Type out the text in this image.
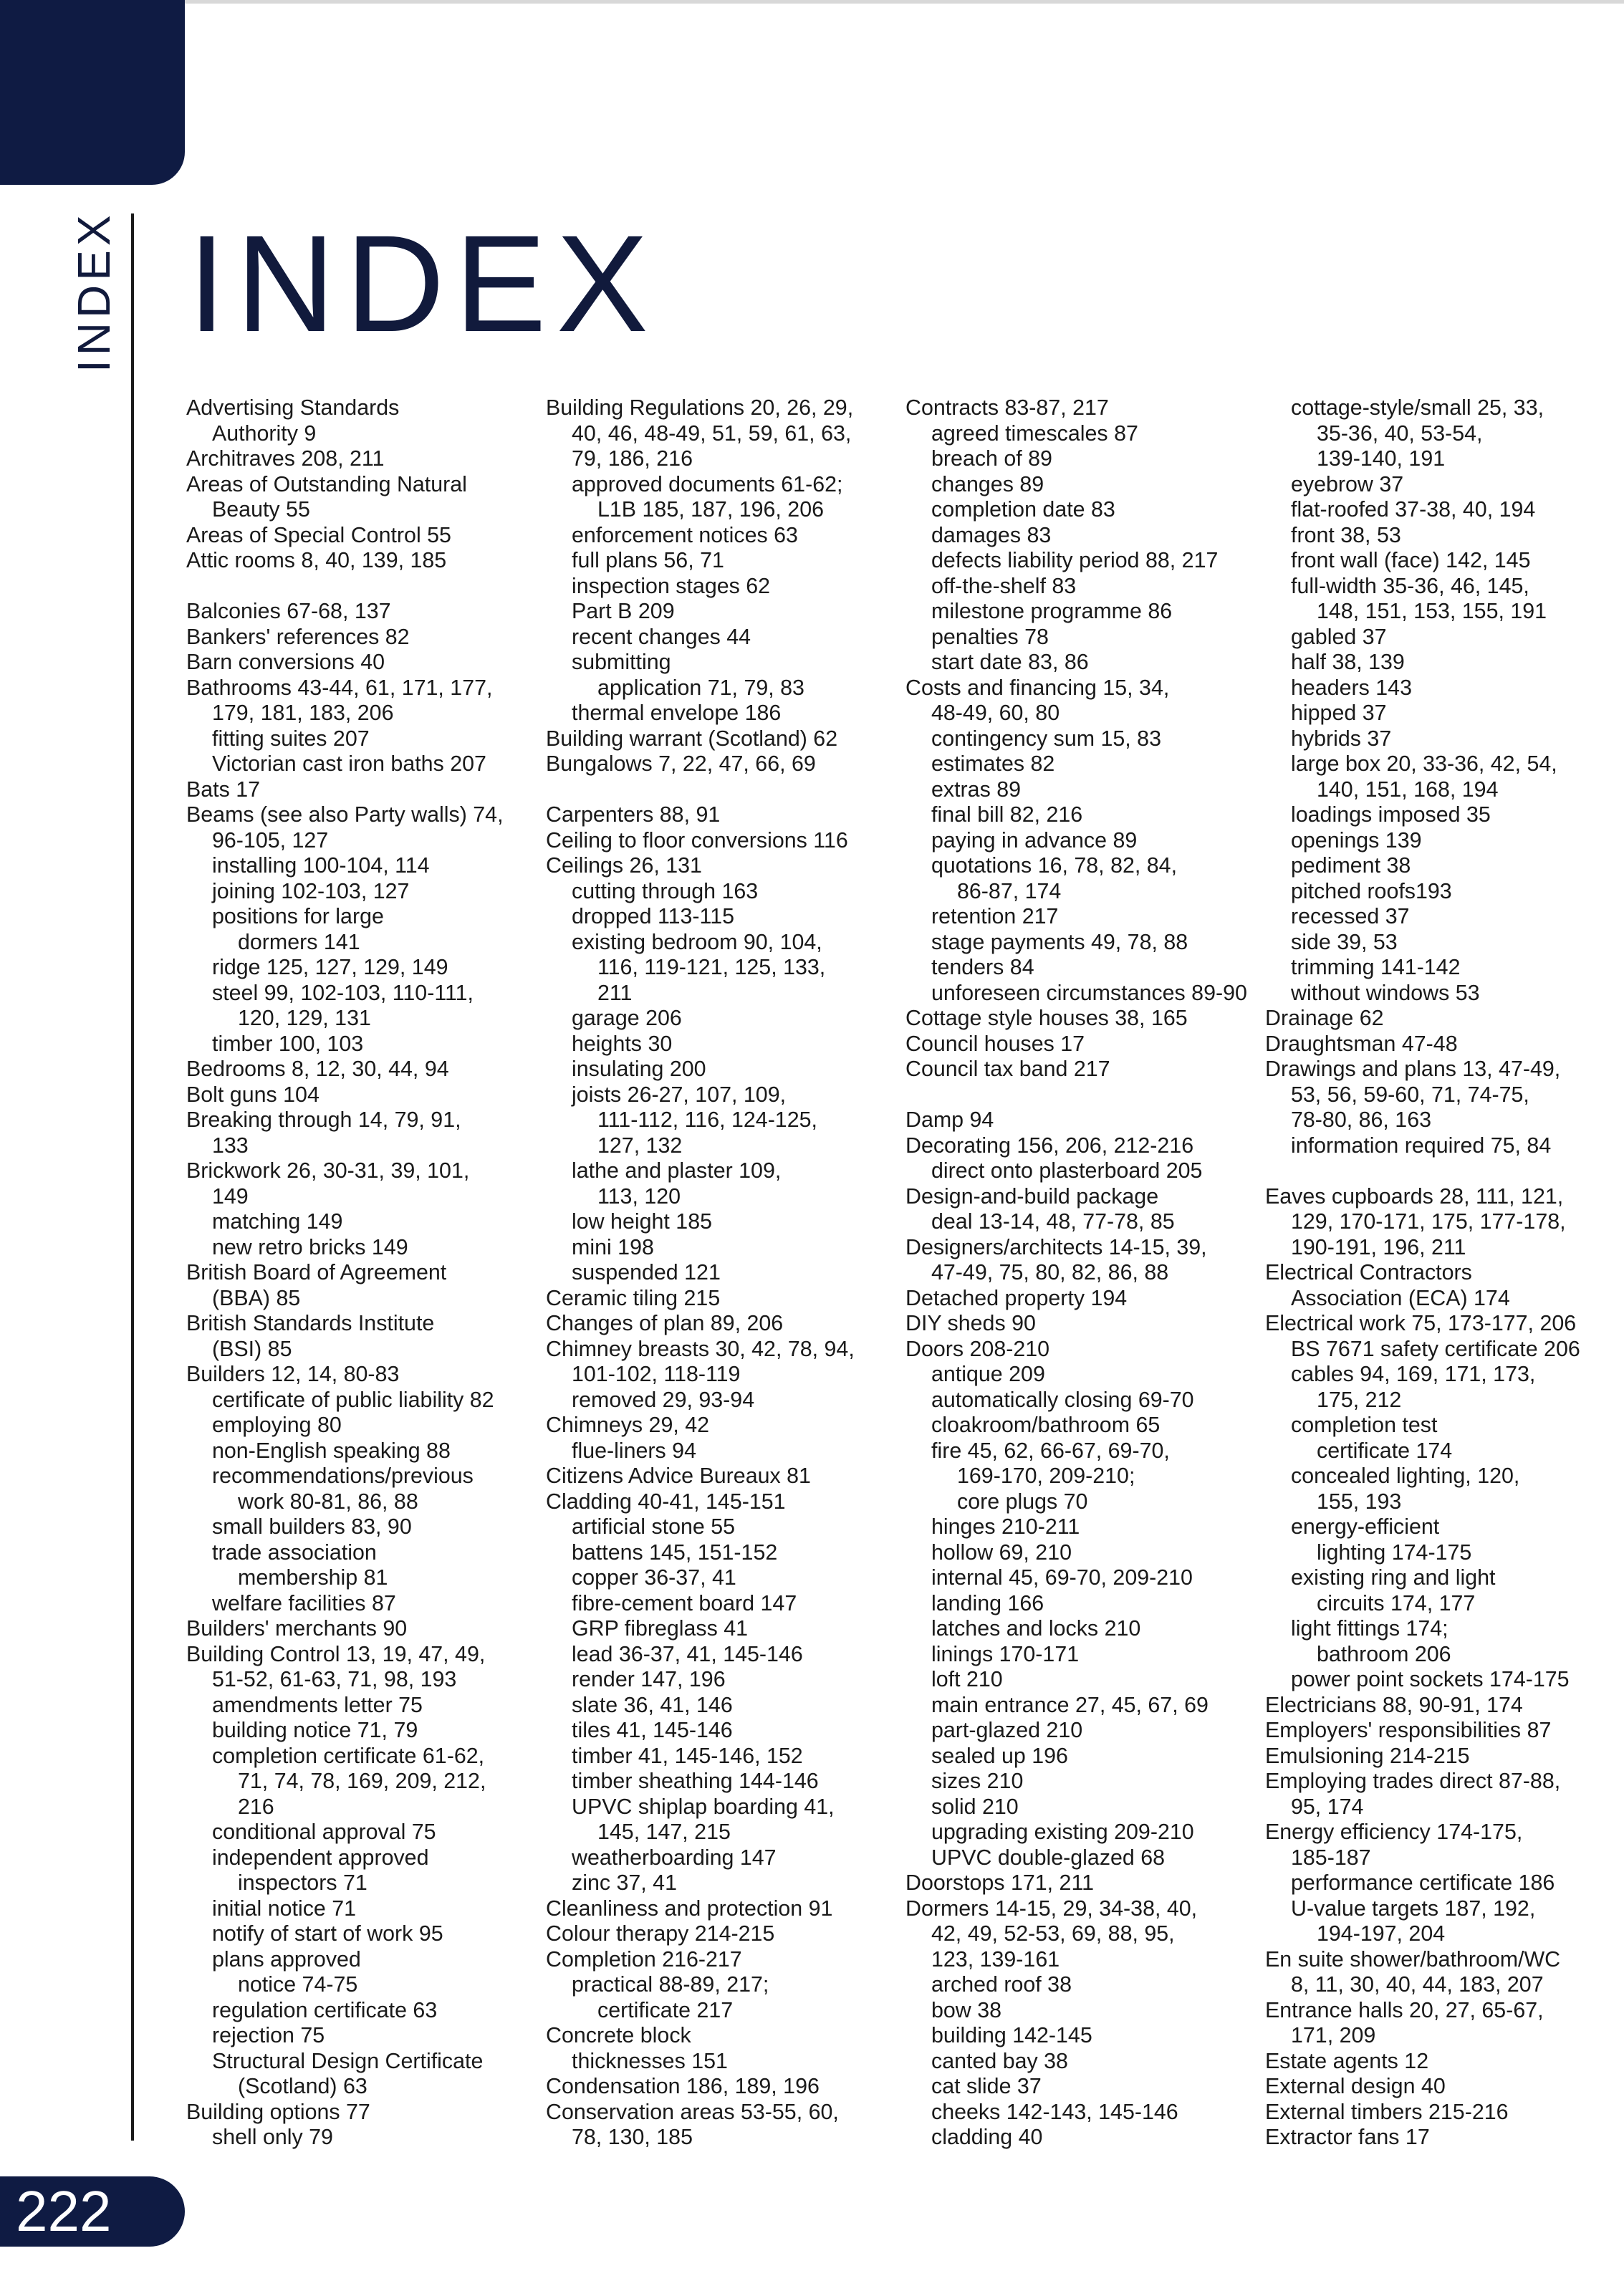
INDEX INDEX
Advertising Standards
Authority 9
Architraves 208, 211
Areas of Outstanding Natural
Beauty 55
Areas of Special Control 55
Attic rooms 8, 40, 139, 185
Balconies 67-68, 137
Bankers' references 82
Barn conversions 40
Bathrooms 43-44, 61, 171, 177,
179, 181, 183, 206
fitting suites 207
Victorian cast iron baths 207
Bats 17
Beams (see also Party walls) 74,
96-105, 127
installing 100-104, 114
joining 102-103, 127
positions for large
dormers 141
ridge 125, 127, 129, 149
steel 99, 102-103, 110-111,
120, 129, 131
timber 100, 103
Bedrooms 8, 12, 30, 44, 94
Bolt guns 104
Breaking through 14, 79, 91,
133
Brickwork 26, 30-31, 39, 101,
149
matching 149
new retro bricks 149
British Board of Agreement
(BBA) 85
British Standards Institute
(BSI) 85
Builders 12, 14, 80-83
certificate of public liability 82
employing 80
non-English speaking 88
recommendations/previous
work 80-81, 86, 88
small builders 83, 90
trade association
membership 81
welfare facilities 87
Builders' merchants 90
Building Control 13, 19, 47, 49,
51-52, 61-63, 71, 98, 193
amendments letter 75
building notice 71, 79
completion certificate 61-62,
71, 74, 78, 169, 209, 212,
216
conditional approval 75
independent approved
inspectors 71
initial notice 71
notify of start of work 95
plans approved
notice 74-75
regulation certificate 63
rejection 75
Structural Design Certificate
(Scotland) 63
Building options 77
shell only 79
Building Regulations 20, 26, 29,
40, 46, 48-49, 51, 59, 61, 63,
79, 186, 216
approved documents 61-62;
L1B 185, 187, 196, 206
enforcement notices 63
full plans 56, 71
inspection stages 62
Part B 209
recent changes 44
submitting
application 71, 79, 83
thermal envelope 186
Building warrant (Scotland) 62
Bungalows 7, 22, 47, 66, 69
Carpenters 88, 91
Ceiling to floor conversions 116
Ceilings 26, 131
cutting through 163
dropped 113-115
existing bedroom 90, 104,
116, 119-121, 125, 133,
211
garage 206
heights 30
insulating 200
joists 26-27, 107, 109,
111-112, 116, 124-125,
127, 132
lathe and plaster 109,
113, 120
low height 185
mini 198
suspended 121
Ceramic tiling 215
Changes of plan 89, 206
Chimney breasts 30, 42, 78, 94,
101-102, 118-119
removed 29, 93-94
Chimneys 29, 42
flue-liners 94
Citizens Advice Bureaux 81
Cladding 40-41, 145-151
artificial stone 55
battens 145, 151-152
copper 36-37, 41
fibre-cement board 147
GRP fibreglass 41
lead 36-37, 41, 145-146
render 147, 196
slate 36, 41, 146
tiles 41, 145-146
timber 41, 145-146, 152
timber sheathing 144-146
UPVC shiplap boarding 41,
145, 147, 215
weatherboarding 147
zinc 37, 41
Cleanliness and protection 91
Colour therapy 214-215
Completion 216-217
practical 88-89, 217;
certificate 217
Concrete block
thicknesses 151
Condensation 186, 189, 196
Conservation areas 53-55, 60,
78, 130, 185
Contracts 83-87, 217
agreed timescales 87
breach of 89
changes 89
completion date 83
damages 83
defects liability period 88, 217
off-the-shelf 83
milestone programme 86
penalties 78
start date 83, 86
Costs and financing 15, 34,
48-49, 60, 80
contingency sum 15, 83
estimates 82
extras 89
final bill 82, 216
paying in advance 89
quotations 16, 78, 82, 84,
86-87, 174
retention 217
stage payments 49, 78, 88
tenders 84
unforeseen circumstances 89-90
Cottage style houses 38, 165
Council houses 17
Council tax band 217
Damp 94
Decorating 156, 206, 212-216
direct onto plasterboard 205
Design-and-build package
deal 13-14, 48, 77-78, 85
Designers/architects 14-15, 39,
47-49, 75, 80, 82, 86, 88
Detached property 194
DIY sheds 90
Doors 208-210
antique 209
automatically closing 69-70
cloakroom/bathroom 65
fire 45, 62, 66-67, 69-70,
169-170, 209-210;
core plugs 70
hinges 210-211
hollow 69, 210
internal 45, 69-70, 209-210
landing 166
latches and locks 210
linings 170-171
loft 210
main entrance 27, 45, 67, 69
part-glazed 210
sealed up 196
sizes 210
solid 210
upgrading existing 209-210
UPVC double-glazed 68
Doorstops 171, 211
Dormers 14-15, 29, 34-38, 40,
42, 49, 52-53, 69, 88, 95,
123, 139-161
arched roof 38
bow 38
building 142-145
canted bay 38
cat slide 37
cheeks 142-143, 145-146
cladding 40
cottage-style/small 25, 33,
35-36, 40, 53-54,
139-140, 191
eyebrow 37
flat-roofed 37-38, 40, 194
front 38, 53
front wall (face) 142, 145
full-width 35-36, 46, 145,
148, 151, 153, 155, 191
gabled 37
half 38, 139
headers 143
hipped 37
hybrids 37
large box 20, 33-36, 42, 54,
140, 151, 168, 194
loadings imposed 35
openings 139
pediment 38
pitched roofs193
recessed 37
side 39, 53
trimming 141-142
without windows 53
Drainage 62
Draughtsman 47-48
Drawings and plans 13, 47-49,
53, 56, 59-60, 71, 74-75,
78-80, 86, 163
information required 75, 84
Eaves cupboards 28, 111, 121,
129, 170-171, 175, 177-178,
190-191, 196, 211
Electrical Contractors
Association (ECA) 174
Electrical work 75, 173-177, 206
BS 7671 safety certificate 206
cables 94, 169, 171, 173,
175, 212
completion test
certificate 174
concealed lighting, 120,
155, 193
energy-efficient
lighting 174-175
existing ring and light
circuits 174, 177
light fittings 174;
bathroom 206
power point sockets 174-175
Electricians 88, 90-91, 174
Employers' responsibilities 87
Emulsioning 214-215
Employing trades direct 87-88,
95, 174
Energy efficiency 174-175,
185-187
performance certificate 186
U-value targets 187, 192,
194-197, 204
En suite shower/bathroom/WC
8, 11, 30, 40, 44, 183, 207
Entrance halls 20, 27, 65-67,
171, 209
Estate agents 12
External design 40
External timbers 215-216
Extractor fans 17
222
